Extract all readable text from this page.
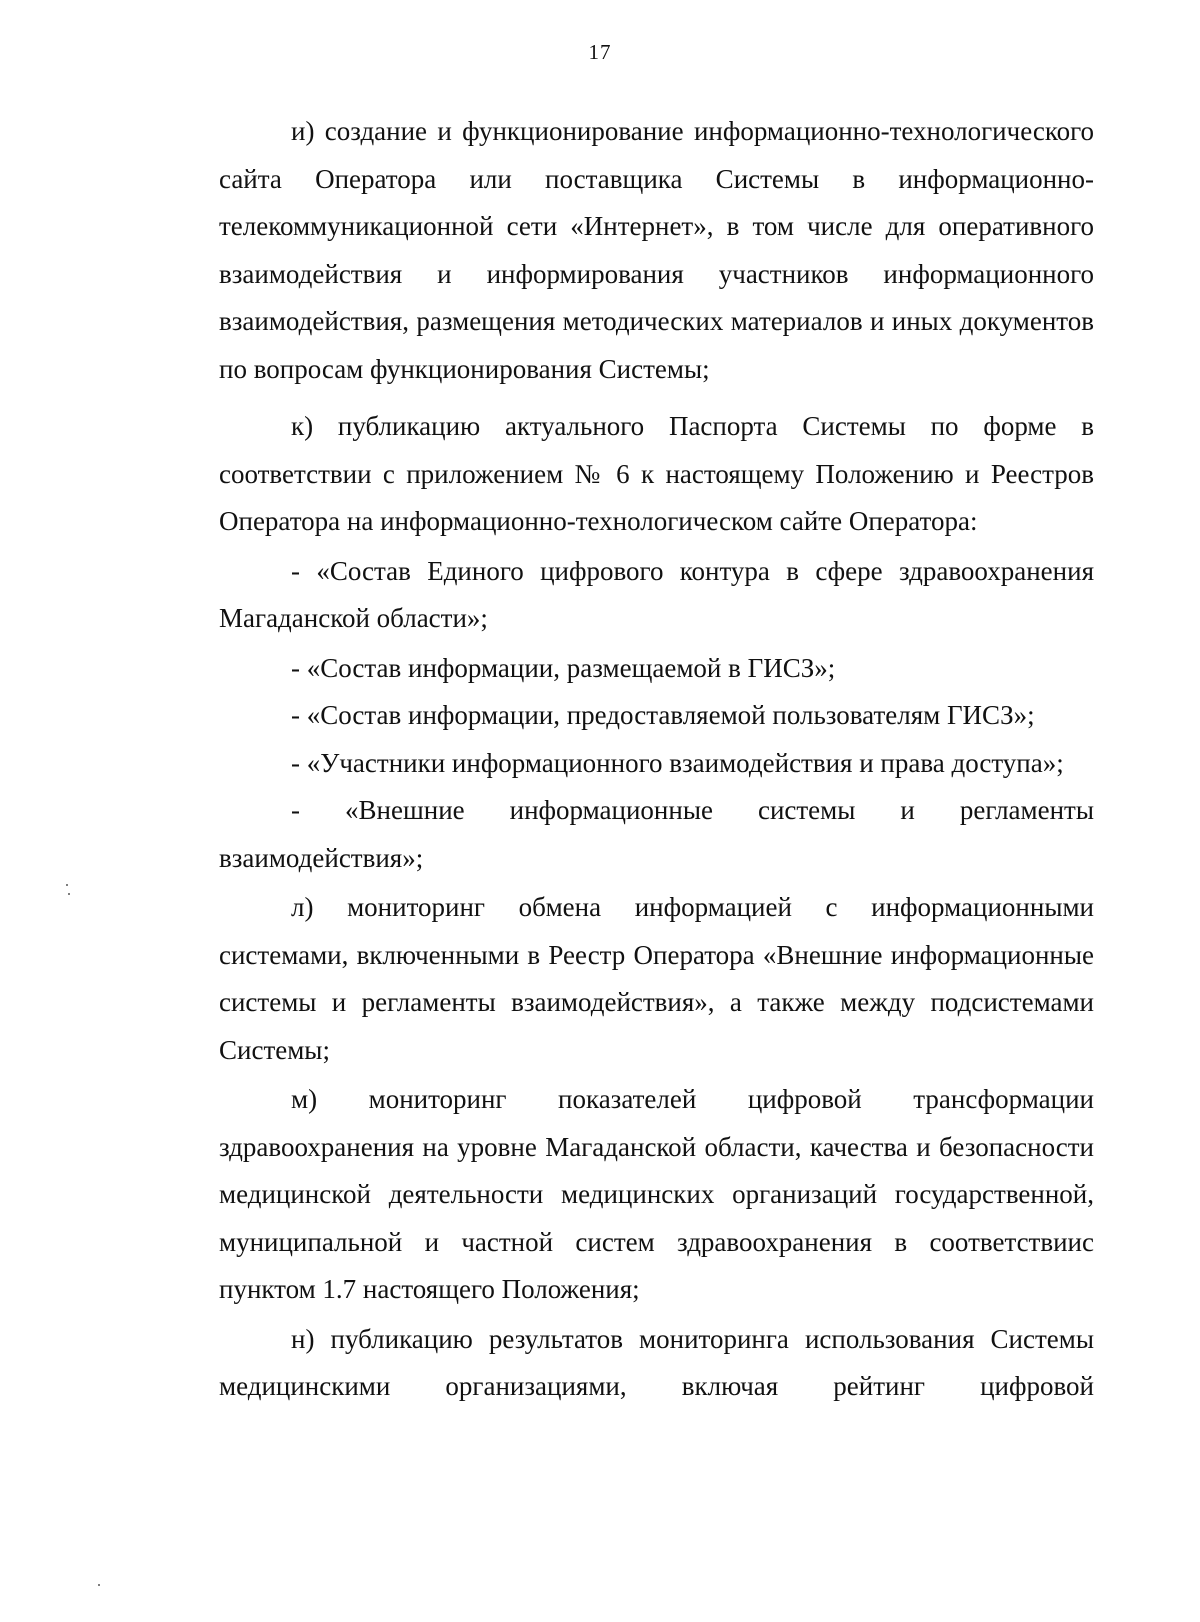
17

и) создание и функционирование информационно-технологического сайта Оператора или поставщика Системы в информационно-телекоммуникационной сети «Интернет», в том числе для оперативного взаимодействия и информирования участников информационного взаимодействия, размещения методических материалов и иных документов по вопросам функционирования Системы;

к) публикацию актуального Паспорта Системы по форме в соответствии с приложением № 6 к настоящему Положению и Реестров Оператора на информационно-технологическом сайте Оператора:

- «Состав Единого цифрового контура в сфере здравоохранения Магаданской области»;

- «Состав информации, размещаемой в ГИСЗ»;

- «Состав информации, предоставляемой пользователям ГИСЗ»;

- «Участники информационного взаимодействия и права доступа»;

- «Внешние информационные системы и регламенты взаимодействия»;

л) мониторинг обмена информацией с информационными системами, включенными в Реестр Оператора «Внешние информационные системы и регламенты взаимодействия», а также между подсистемами Системы;

м) мониторинг показателей цифровой трансформации здравоохранения на уровне Магаданской области, качества и безопасности медицинской деятельности медицинских организаций государственной, муниципальной и частной систем здравоохранения в соответствиис пунктом 1.7 настоящего Положения;

н) публикацию результатов мониторинга использования Системы медицинскими организациями, включая рейтинг цифровой
